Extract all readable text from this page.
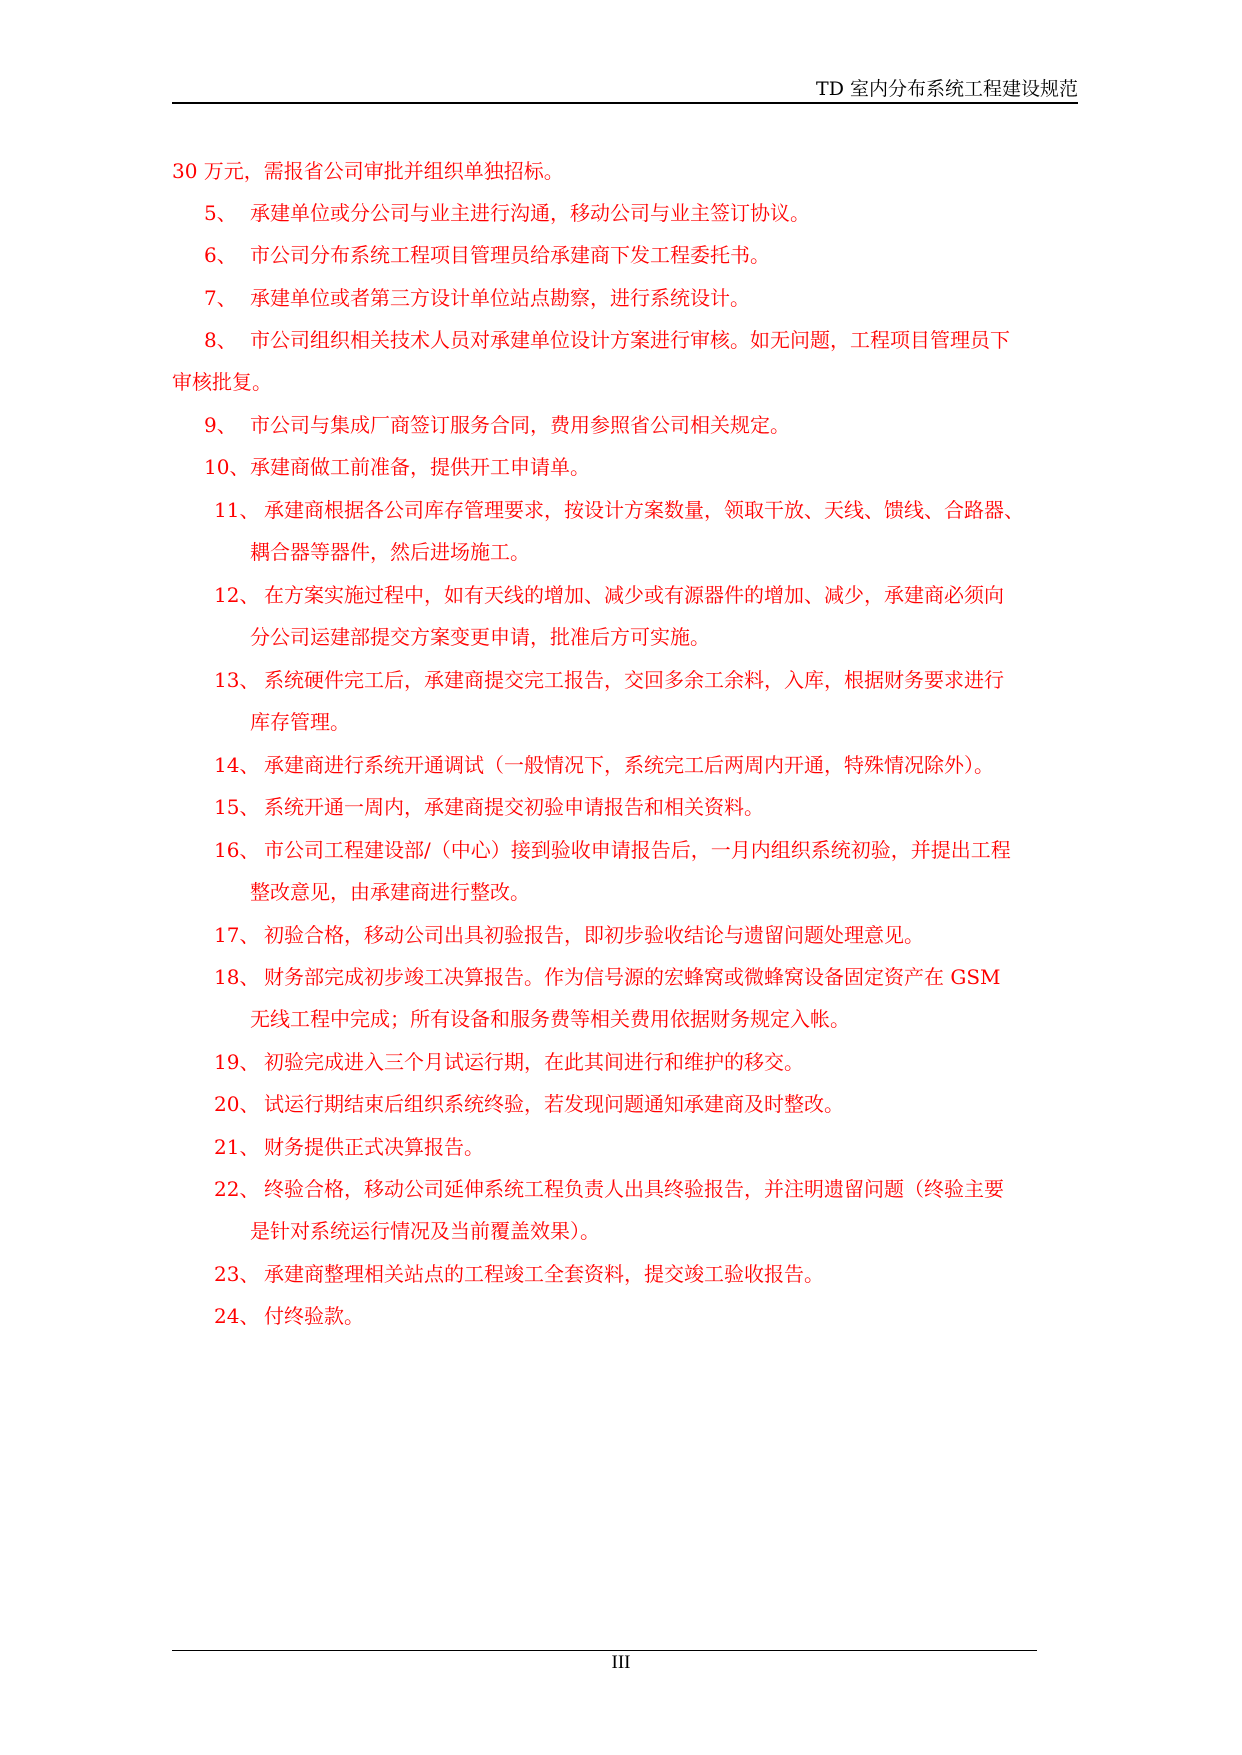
TD 室内分布系统工程建设规范
30 万元，需报省公司审批并组织单独招标。
5、 承建单位或分公司与业主进行沟通，移动公司与业主签订协议。
6、 市公司分布系统工程项目管理员给承建商下发工程委托书。
7、 承建单位或者第三方设计单位站点勘察，进行系统设计。
8、 市公司组织相关技术人员对承建单位设计方案进行审核。如无问题，工程项目管理员下
审核批复。
9、 市公司与集成厂商签订服务合同，费用参照省公司相关规定。
10、 承建商做工前准备，提供开工申请单。
11、 承建商根据各公司库存管理要求，按设计方案数量，领取干放、天线、馈线、合路器、
耦合器等器件，然后进场施工。
12、 在方案实施过程中，如有天线的增加、减少或有源器件的增加、减少，承建商必须向
分公司运建部提交方案变更申请，批准后方可实施。
13、 系统硬件完工后，承建商提交完工报告，交回多余工余料，入库，根据财务要求进行
库存管理。
14、 承建商进行系统开通调试（一般情况下，系统完工后两周内开通，特殊情况除外）。
15、 系统开通一周内，承建商提交初验申请报告和相关资料。
16、 市公司工程建设部/（中心）接到验收申请报告后，一月内组织系统初验，并提出工程
整改意见，由承建商进行整改。
17、 初验合格，移动公司出具初验报告，即初步验收结论与遗留问题处理意见。
18、 财务部完成初步竣工决算报告。作为信号源的宏蜂窝或微蜂窝设备固定资产在 GSM
无线工程中完成；所有设备和服务费等相关费用依据财务规定入帐。
19、 初验完成进入三个月试运行期，在此其间进行和维护的移交。
20、 试运行期结束后组织系统终验，若发现问题通知承建商及时整改。
21、 财务提供正式决算报告。
22、 终验合格，移动公司延伸系统工程负责人出具终验报告，并注明遗留问题（终验主要
是针对系统运行情况及当前覆盖效果）。
23、 承建商整理相关站点的工程竣工全套资料，提交竣工验收报告。
24、 付终验款。
III
